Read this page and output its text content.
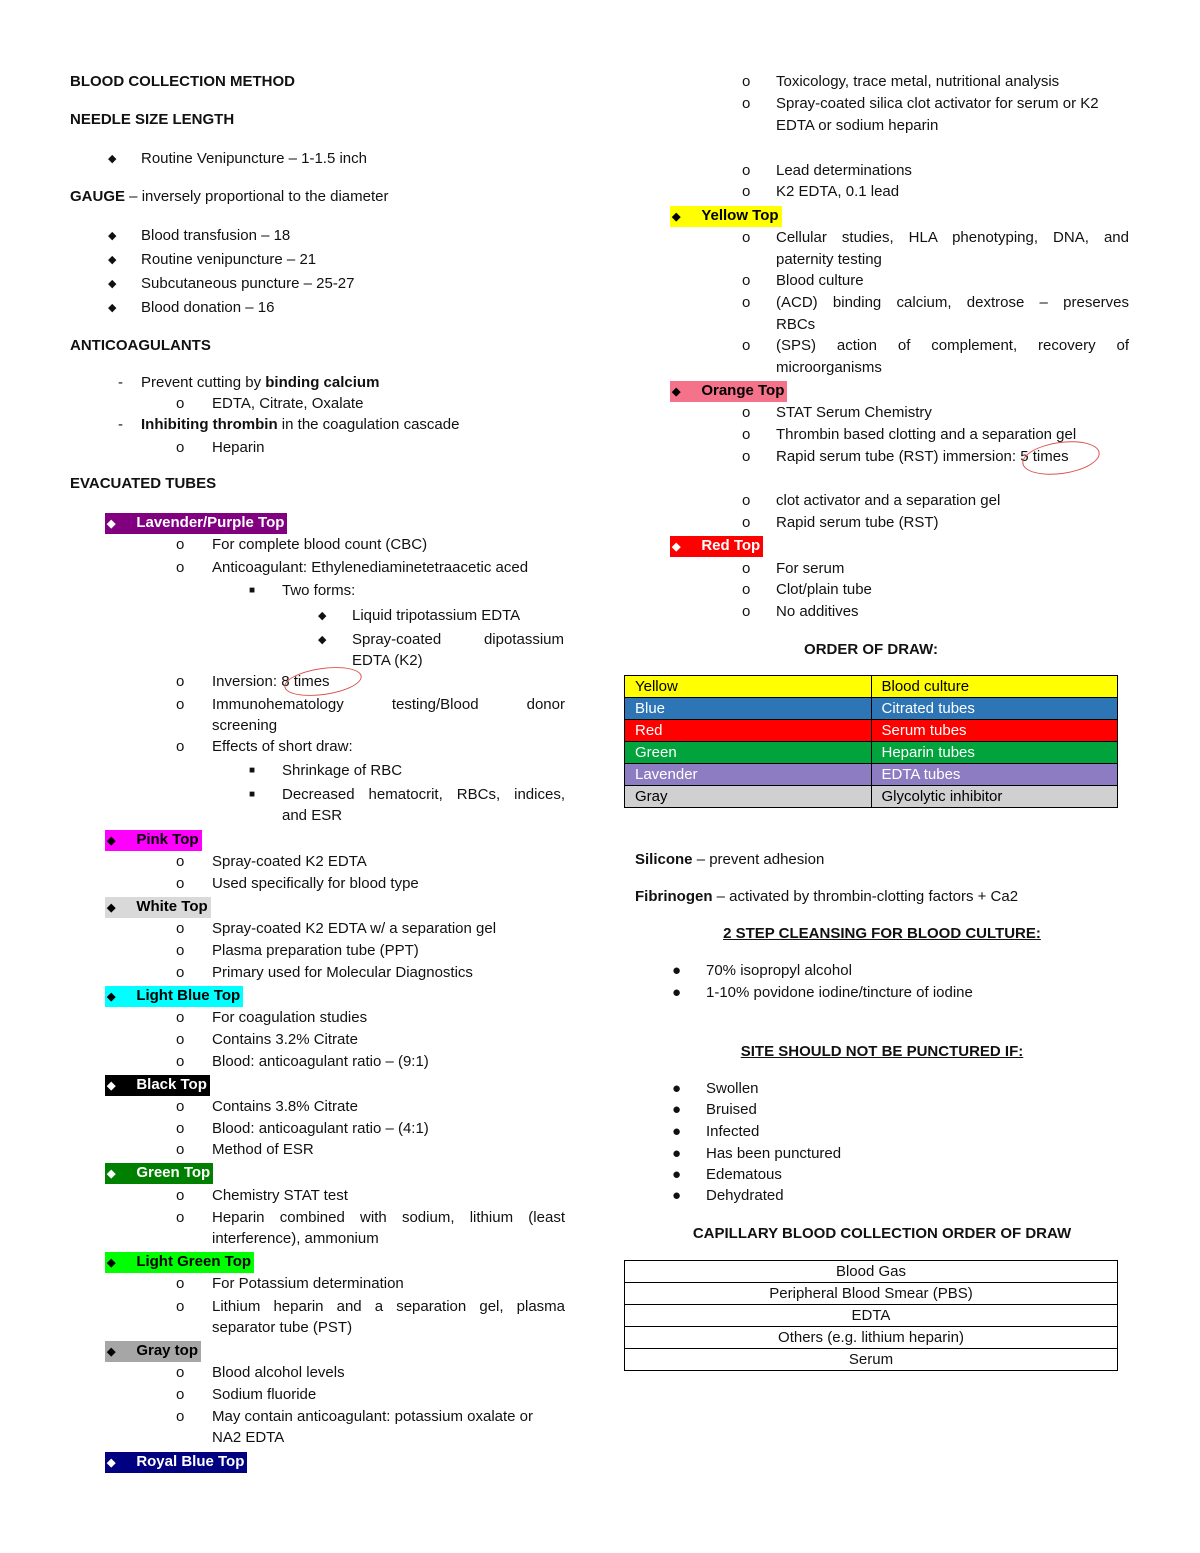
BLOOD COLLECTION METHOD
NEEDLE SIZE LENGTH
◆ Routine Venipuncture – 1-1.5 inch
GAUGE – inversely proportional to the diameter
◆ Blood transfusion – 18
◆ Routine venipuncture – 21
◆ Subcutaneous puncture – 25-27
◆ Blood donation – 16
ANTICOAGULANTS
- Prevent cutting by binding calcium
o EDTA, Citrate, Oxalate
- Inhibiting thrombin in the coagulation cascade
o Heparin
EVACUATED TUBES
◆ Lavender/Purple Top
o For complete blood count (CBC)
o Anticoagulant: Ethylenediaminetetraacetic aced
■ Two forms:
◆ Liquid tripotassium EDTA
◆ Spray-coated dipotassium
EDTA (K2)
o Inversion: 8 times
o Immunohematology testing/Blood donor
screening
o Effects of short draw:
■ Shrinkage of RBC
■ Decreased hematocrit, RBCs, indices,
and ESR
◆ Pink Top
o Spray-coated K2 EDTA
o Used specifically for blood type
◆ White Top
o Spray-coated K2 EDTA w/ a separation gel
o Plasma preparation tube (PPT)
o Primary used for Molecular Diagnostics
◆ Light Blue Top
o For coagulation studies
o Contains 3.2% Citrate
o Blood: anticoagulant ratio – (9:1)
◆ Black Top
o Contains 3.8% Citrate
o Blood: anticoagulant ratio – (4:1)
o Method of ESR
◆ Green Top
o Chemistry STAT test
o Heparin combined with sodium, lithium (least
interference), ammonium
◆ Light Green Top
o For Potassium determination
o Lithium heparin and a separation gel, plasma
separator tube (PST)
◆ Gray top
o Blood alcohol levels
o Sodium fluoride
o May contain anticoagulant: potassium oxalate or
NA2 EDTA
◆ Royal Blue Top
o Toxicology, trace metal, nutritional analysis
o Spray-coated silica clot activator for serum or K2
EDTA or sodium heparin
o Lead determinations
o K2 EDTA, 0.1 lead
◆ Yellow Top
o Cellular studies, HLA phenotyping, DNA, and
paternity testing
o Blood culture
o (ACD) binding calcium, dextrose – preserves
RBCs
o (SPS) action of complement, recovery of
microorganisms
◆ Orange Top
o STAT Serum Chemistry
o Thrombin based clotting and a separation gel
o Rapid serum tube (RST) immersion: 5 times
o clot activator and a separation gel
o Rapid serum tube (RST)
◆ Red Top
o For serum
o Clot/plain tube
o No additives
ORDER OF DRAW:
Yellow	Blood culture
Blue	Citrated tubes
Red	Serum tubes
Green	Heparin tubes
Lavender	EDTA tubes
Gray	Glycolytic inhibitor
Silicone – prevent adhesion
Fibrinogen – activated by thrombin-clotting factors + Ca2
2 STEP CLEANSING FOR BLOOD CULTURE:
● 70% isopropyl alcohol
● 1-10% povidone iodine/tincture of iodine
SITE SHOULD NOT BE PUNCTURED IF:
● Swollen
● Bruised
● Infected
● Has been punctured
● Edematous
● Dehydrated
CAPILLARY BLOOD COLLECTION ORDER OF DRAW
Blood Gas
Peripheral Blood Smear (PBS)
EDTA
Others (e.g. lithium heparin)
Serum
